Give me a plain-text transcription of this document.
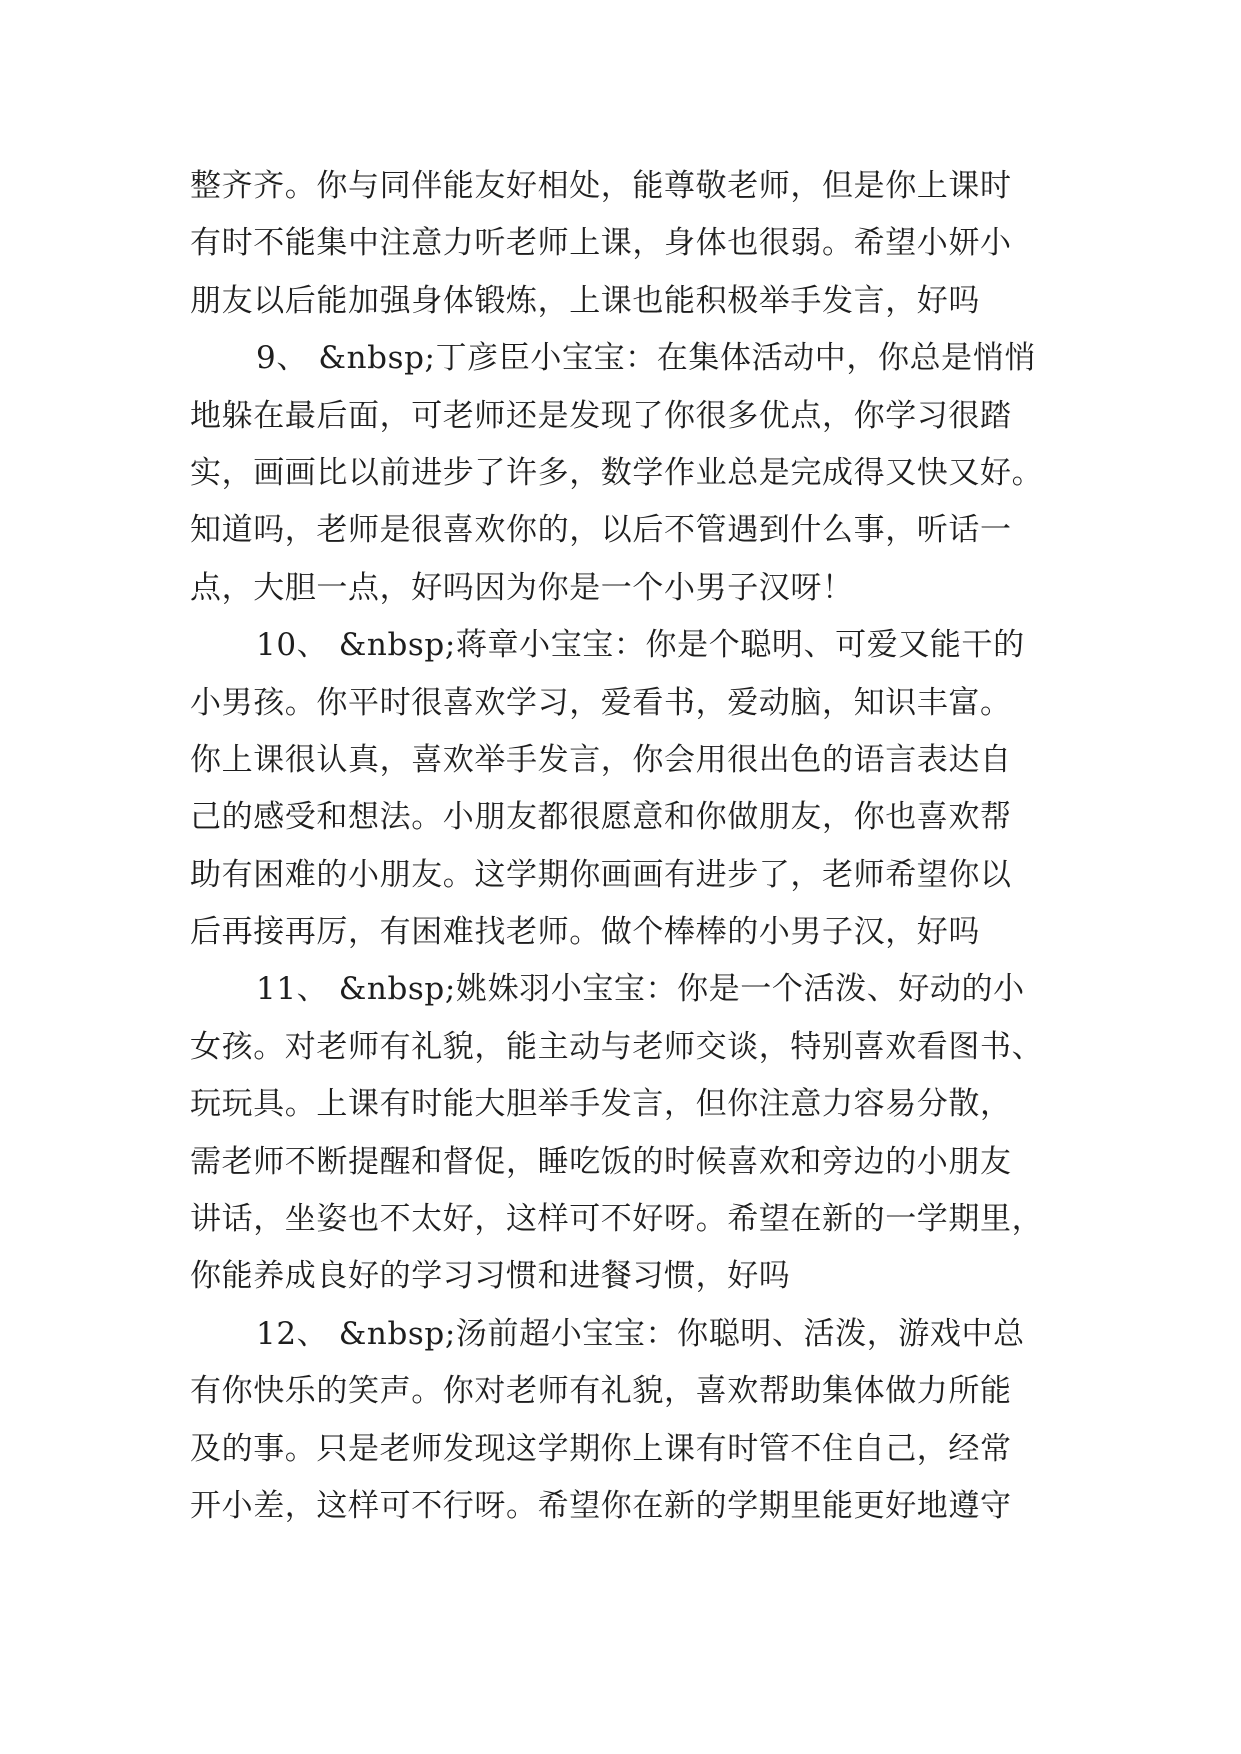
整齐齐。你与同伴能友好相处，能尊敬老师，但是你上课时
有时不能集中注意力听老师上课，身体也很弱。希望小妍小
朋友以后能加强身体锻炼，上课也能积极举手发言，好吗
9、 &nbsp;丁彦臣小宝宝：在集体活动中，你总是悄悄
地躲在最后面，可老师还是发现了你很多优点，你学习很踏
实，画画比以前进步了许多，数学作业总是完成得又快又好。
知道吗，老师是很喜欢你的，以后不管遇到什么事，听话一
点，大胆一点，好吗因为你是一个小男子汉呀！
10、 &nbsp;蒋章小宝宝：你是个聪明、可爱又能干的
小男孩。你平时很喜欢学习，爱看书，爱动脑，知识丰富。
你上课很认真，喜欢举手发言，你会用很出色的语言表达自
己的感受和想法。小朋友都很愿意和你做朋友，你也喜欢帮
助有困难的小朋友。这学期你画画有进步了，老师希望你以
后再接再厉，有困难找老师。做个棒棒的小男子汉，好吗
11、 &nbsp;姚姝羽小宝宝：你是一个活泼、好动的小
女孩。对老师有礼貌，能主动与老师交谈，特别喜欢看图书、
玩玩具。上课有时能大胆举手发言，但你注意力容易分散，
需老师不断提醒和督促，睡吃饭的时候喜欢和旁边的小朋友
讲话，坐姿也不太好，这样可不好呀。希望在新的一学期里，
你能养成良好的学习习惯和进餐习惯，好吗
12、 &nbsp;汤前超小宝宝：你聪明、活泼，游戏中总
有你快乐的笑声。你对老师有礼貌，喜欢帮助集体做力所能
及的事。只是老师发现这学期你上课有时管不住自己，经常
开小差，这样可不行呀。希望你在新的学期里能更好地遵守
